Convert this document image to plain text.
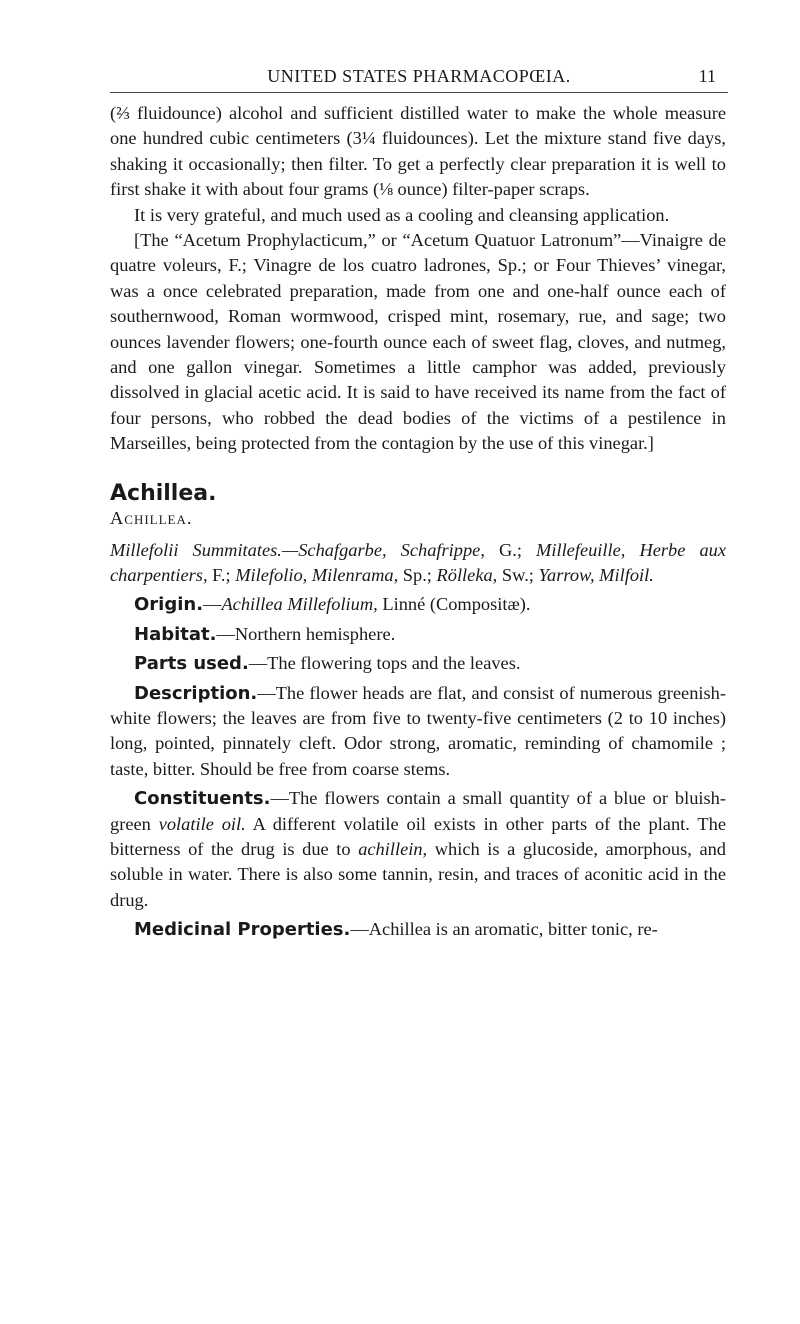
UNITED STATES PHARMACOPŒIA.	11

(⅔ fluidounce) alcohol and sufficient distilled water to make the whole measure one hundred cubic centimeters (3¼ fluidounces). Let the mixture stand five days, shaking it occasionally; then filter. To get a perfectly clear preparation it is well to first shake it with about four grams (⅛ ounce) filter-paper scraps.

It is very grateful, and much used as a cooling and cleansing application.

[The “Acetum Prophylacticum,” or “Acetum Quatuor Latronum”—Vinaigre de quatre voleurs, F.; Vinagre de los cuatro ladrones, Sp.; or Four Thieves’ vinegar, was a once celebrated preparation, made from one and one-half ounce each of southernwood, Roman wormwood, crisped mint, rosemary, rue, and sage; two ounces lavender flowers; one-fourth ounce each of sweet flag, cloves, and nutmeg, and one gallon vinegar. Sometimes a little camphor was added, previously dissolved in glacial acetic acid. It is said to have received its name from the fact of four persons, who robbed the dead bodies of the victims of a pestilence in Marseilles, being protected from the contagion by the use of this vinegar.]

Achillea.

Achillea.

Millefolii Summitates.—Schafgarbe, Schafrippe, G.; Millefeuille, Herbe aux charpentiers, F.; Milefolio, Milenrama, Sp.; Rölleka, Sw.; Yarrow, Milfoil.

Origin.—Achillea Millefolium, Linné (Compositæ).

Habitat.—Northern hemisphere.

Parts used.—The flowering tops and the leaves.

Description.—The flower heads are flat, and consist of numerous greenish-white flowers; the leaves are from five to twenty-five centimeters (2 to 10 inches) long, pointed, pinnately cleft. Odor strong, aromatic, reminding of chamomile ; taste, bitter. Should be free from coarse stems.

Constituents.—The flowers contain a small quantity of a blue or bluish-green volatile oil. A different volatile oil exists in other parts of the plant. The bitterness of the drug is due to achillein, which is a glucoside, amorphous, and soluble in water. There is also some tannin, resin, and traces of aconitic acid in the drug.

Medicinal Properties.—Achillea is an aromatic, bitter tonic, re-
